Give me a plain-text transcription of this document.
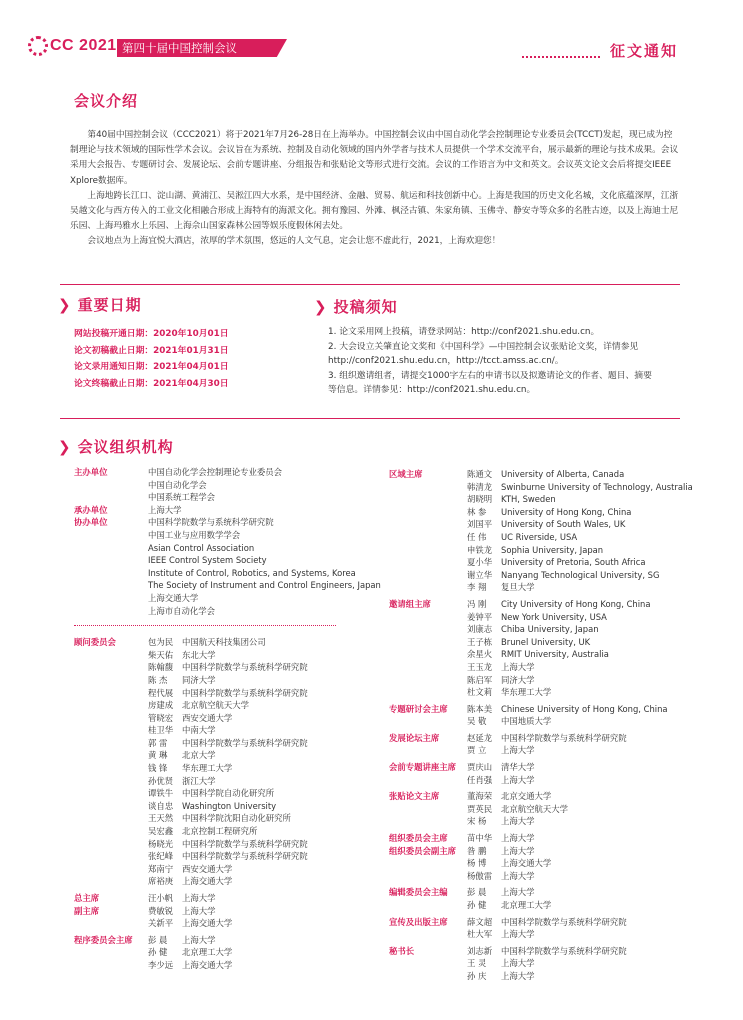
CC 2021 第四十届中国控制会议	征文通知
会议介绍

第40届中国控制会议（CCC2021）将于2021年7月26-28日在上海举办。中国控制会议由中国自动化学会控制理论专业委员会(TCCT)发起，现已成为控制理论与技术领域的国际性学术会议。会议旨在为系统、控制及自动化领域的国内外学者与技术人员提供一个学术交流平台，展示最新的理论与技术成果。会议采用大会报告、专题研讨会、发展论坛、会前专题讲座、分组报告和张贴论文等形式进行交流。会议的工作语言为中文和英文。会议英文论文会后将提交IEEE Xplore数据库。

上海地跨长江口、淀山湖、黄浦江、吴淞江四大水系，是中国经济、金融、贸易、航运和科技创新中心。上海是我国的历史文化名城，文化底蕴深厚，江浙吴越文化与西方传入的工业文化相融合形成上海特有的海派文化。拥有豫园、外滩、枫泾古镇、朱家角镇、玉佛寺、静安寺等众多的名胜古迹，以及上海迪士尼乐园、上海玛雅水上乐园、上海佘山国家森林公园等娱乐度假休闲去处。

会议地点为上海宜悦大酒店，浓厚的学术氛围，悠远的人文气息，定会让您不虚此行，2021，上海欢迎您！

❯ 重要日期
网站投稿开通日期：2020年10月01日
论文初稿截止日期：2021年01月31日
论文录用通知日期：2021年04月01日
论文终稿截止日期：2021年04月30日
❯ 投稿须知
1. 论文采用网上投稿，请登录网站：http://conf2021.shu.edu.cn。
2. 大会设立关肇直论文奖和《中国科学》—中国控制会议张贴论文奖，详情参见 http://conf2021.shu.edu.cn，http://tcct.amss.ac.cn/。
3. 组织邀请组者，请提交1000字左右的申请书以及拟邀请论文的作者、题目、摘要等信息。详情参见：http://conf2021.shu.edu.cn。
❯ 会议组织机构
主办单位	中国自动化学会控制理论专业委员会
中国自动化学会
中国系统工程学会
承办单位	上海大学
协办单位	中国科学院数学与系统科学研究院
中国工业与应用数学学会
Asian Control Association
IEEE Control System Society
Institute of Control, Robotics, and Systems, Korea
The Society of Instrument and Control Engineers, Japan
上海交通大学
上海市自动化学会
顾问委员会	包为民	中国航天科技集团公司
柴天佑	东北大学
陈翰馥	中国科学院数学与系统科学研究院
陈 杰	同济大学
程代展	中国科学院数学与系统科学研究院
房建成	北京航空航天大学
管晓宏	西安交通大学
桂卫华	中南大学
郭 雷	中国科学院数学与系统科学研究院
黄 琳	北京大学
钱 锋	华东理工大学
孙优贤	浙江大学
谭铁牛	中国科学院自动化研究所
谈自忠	Washington University
王天然	中国科学院沈阳自动化研究所
吴宏鑫	北京控制工程研究所
杨晓光	中国科学院数学与系统科学研究院
张纪峰	中国科学院数学与系统科学研究院
郑南宁	西安交通大学
席裕庚	上海交通大学
总主席	汪小帆	上海大学
副主席	费敏锐	上海大学
关新平	上海交通大学
程序委员会主席	彭 晨	上海大学
孙 健	北京理工大学
李少远	上海交通大学
区域主席	陈通文	University of Alberta, Canada
韩清龙	Swinburne University of Technology, Australia
胡晓明	KTH, Sweden
林 参	University of Hong Kong, China
刘国平	University of South Wales, UK
任 伟	UC Riverside, USA
申铁龙	Sophia University, Japan
夏小华	University of Pretoria, South Africa
谢立华	Nanyang Technological University, SG
李 翔	复旦大学
邀请组主席	冯 刚	City University of Hong Kong, China
姜钟平	New York University, USA
刘康志	Chiba University, Japan
王子栋	Brunel University, UK
余星火	RMIT University, Australia
王玉龙	上海大学
陈启军	同济大学
杜文莉	华东理工大学
专题研讨会主席	陈本美	Chinese University of Hong Kong, China
吴 敬	中国地质大学
发展论坛主席	赵延龙	中国科学院数学与系统科学研究院
贾 立	上海大学
会前专题讲座主席	贾庆山	清华大学
任肖强	上海大学
张贴论文主席	董海荣	北京交通大学
贾英民	北京航空航天大学
宋 杨	上海大学
组织委员会主席	苗中华	上海大学
组织委员会副主席	昝 鹏	上海大学
杨 博	上海交通大学
杨傲雷	上海大学
编辑委员会主编	彭 晨	上海大学
孙 健	北京理工大学
宣传及出版主席	薛文超	中国科学院数学与系统科学研究院
杜大军	上海大学
秘书长	刘志新	中国科学院数学与系统科学研究院
王 灵	上海大学
孙 庆	上海大学
